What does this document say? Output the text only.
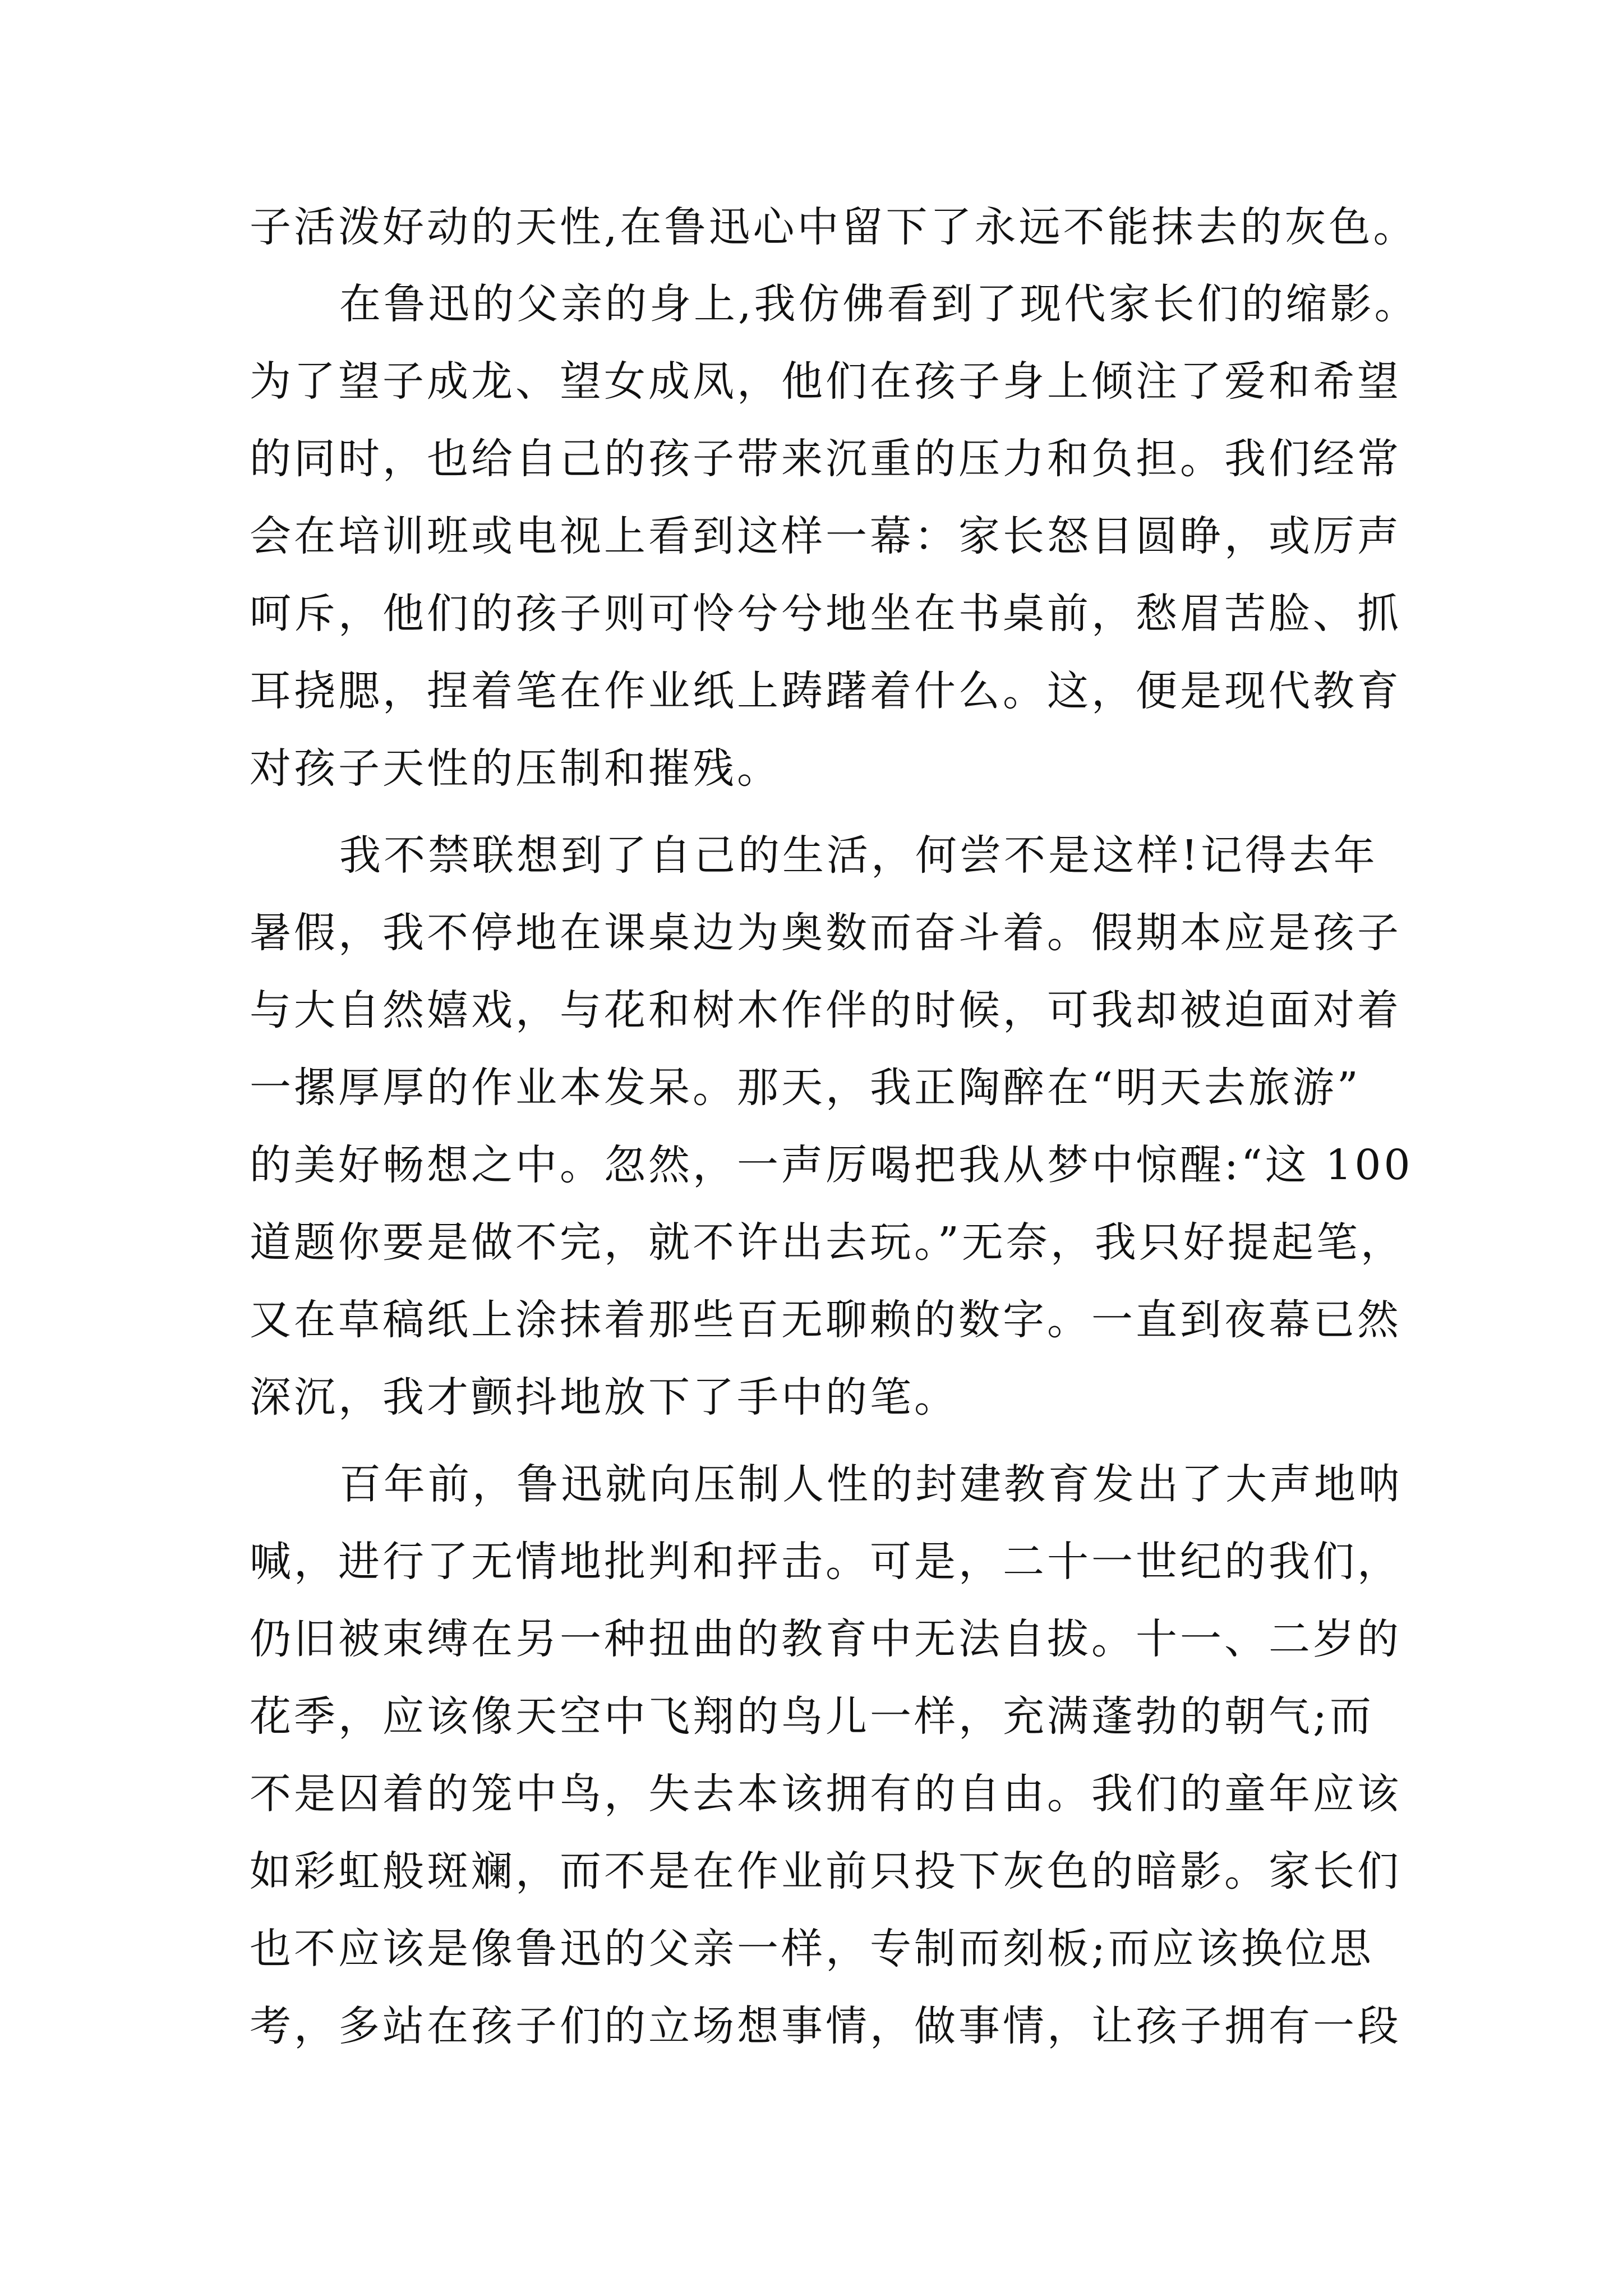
子活泼好动的天性,在鲁迅心中留下了永远不能抹去的灰色。
在鲁迅的父亲的身上,我仿佛看到了现代家长们的缩影。
为了望子成龙、望女成凤，他们在孩子身上倾注了爱和希望
的同时，也给自己的孩子带来沉重的压力和负担。我们经常
会在培训班或电视上看到这样一幕：家长怒目圆睁，或厉声
呵斥，他们的孩子则可怜兮兮地坐在书桌前，愁眉苦脸、抓
耳挠腮，捏着笔在作业纸上踌躇着什么。这，便是现代教育
对孩子天性的压制和摧残。
我不禁联想到了自己的生活，何尝不是这样!记得去年
暑假，我不停地在课桌边为奥数而奋斗着。假期本应是孩子
与大自然嬉戏，与花和树木作伴的时候，可我却被迫面对着
一摞厚厚的作业本发呆。那天，我正陶醉在“明天去旅游”
的美好畅想之中。忽然，一声厉喝把我从梦中惊醒:“这 100
道题你要是做不完，就不许出去玩。”无奈，我只好提起笔，
又在草稿纸上涂抹着那些百无聊赖的数字。一直到夜幕已然
深沉，我才颤抖地放下了手中的笔。
百年前，鲁迅就向压制人性的封建教育发出了大声地呐
喊，进行了无情地批判和抨击。可是，二十一世纪的我们，
仍旧被束缚在另一种扭曲的教育中无法自拔。十一、二岁的
花季，应该像天空中飞翔的鸟儿一样，充满蓬勃的朝气;而
不是囚着的笼中鸟，失去本该拥有的自由。我们的童年应该
如彩虹般斑斓，而不是在作业前只投下灰色的暗影。家长们
也不应该是像鲁迅的父亲一样，专制而刻板;而应该换位思
考，多站在孩子们的立场想事情，做事情，让孩子拥有一段
